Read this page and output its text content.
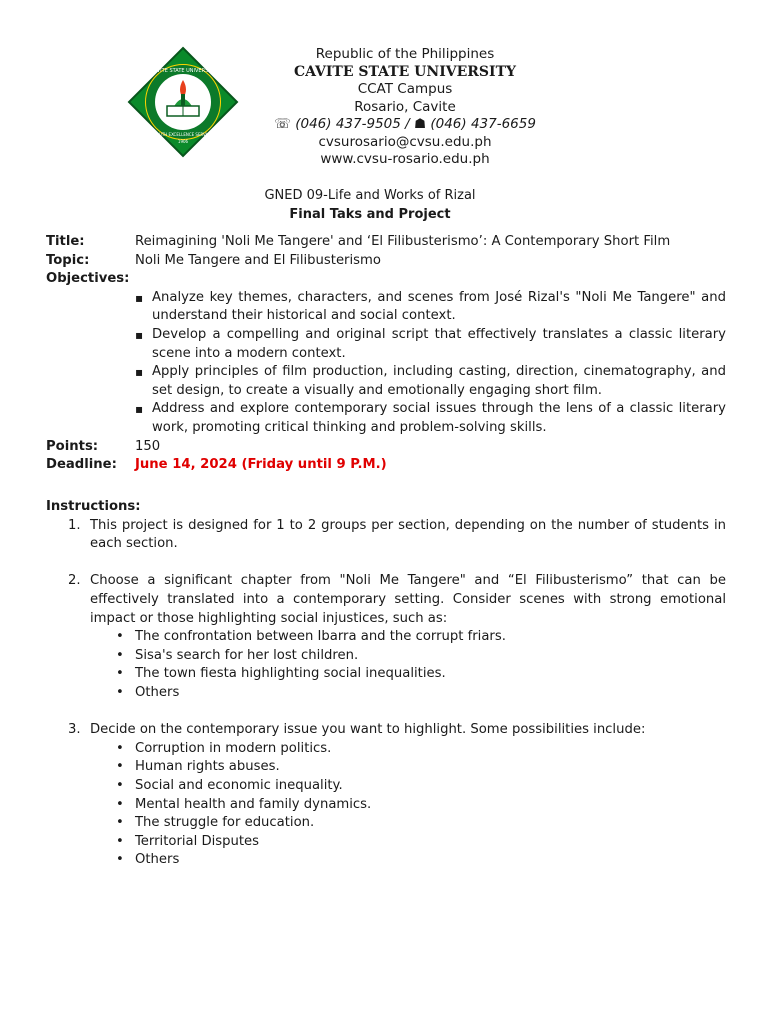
CAVITE STATE UNIVERSITY
TRUTH EXCELLENCE SERVICE
1906
Republic of the Philippines
CAVITE STATE UNIVERSITY
CCAT Campus
Rosario, Cavite
☏ (046) 437-9505 / ☗ (046) 437-6659
cvsurosario@cvsu.edu.ph
www.cvsu-rosario.edu.ph
GNED 09-Life and Works of Rizal
Final Taks and Project
Title:	Reimagining 'Noli Me Tangere' and ‘El Filibusterismo’: A Contemporary Short Film
Topic:	Noli Me Tangere and El Filibusterismo
Objectives:
▪ Analyze key themes, characters, and scenes from José Rizal's "Noli Me Tangere" and understand their historical and social context.
▪ Develop a compelling and original script that effectively translates a classic literary scene into a modern context.
▪ Apply principles of film production, including casting, direction, cinematography, and set design, to create a visually and emotionally engaging short film.
▪ Address and explore contemporary social issues through the lens of a classic literary work, promoting critical thinking and problem-solving skills.
Points:	150
Deadline:	June 14, 2024 (Friday until 9 P.M.)
Instructions:
1. This project is designed for 1 to 2 groups per section, depending on the number of students in each section.
2. Choose a significant chapter from "Noli Me Tangere" and “El Filibusterismo” that can be effectively translated into a contemporary setting. Consider scenes with strong emotional impact or those highlighting social injustices, such as:
• The confrontation between Ibarra and the corrupt friars.
• Sisa's search for her lost children.
• The town fiesta highlighting social inequalities.
• Others
3. Decide on the contemporary issue you want to highlight. Some possibilities include:
• Corruption in modern politics.
• Human rights abuses.
• Social and economic inequality.
• Mental health and family dynamics.
• The struggle for education.
• Territorial Disputes
• Others
